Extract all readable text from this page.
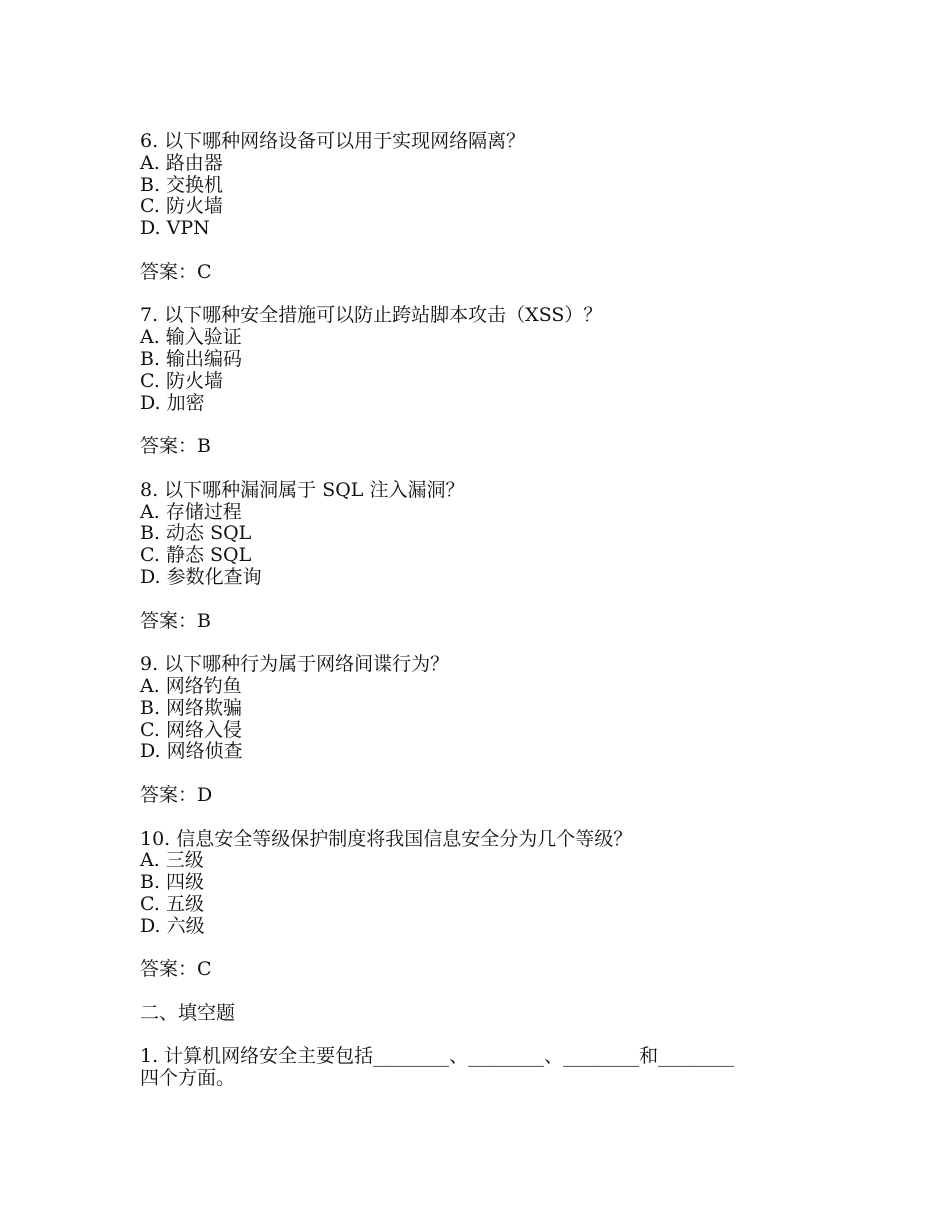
6. 以下哪种网络设备可以用于实现网络隔离？
A. 路由器
B. 交换机
C. 防火墙
D. VPN
答案：C
7. 以下哪种安全措施可以防止跨站脚本攻击（XSS）？
A. 输入验证
B. 输出编码
C. 防火墙
D. 加密
答案：B
8. 以下哪种漏洞属于 SQL 注入漏洞？
A. 存储过程
B. 动态 SQL
C. 静态 SQL
D. 参数化查询
答案：B
9. 以下哪种行为属于网络间谍行为？
A. 网络钓鱼
B. 网络欺骗
C. 网络入侵
D. 网络侦查
答案：D
10. 信息安全等级保护制度将我国信息安全分为几个等级？
A. 三级
B. 四级
C. 五级
D. 六级
答案：C
二、填空题
1. 计算机网络安全主要包括________、________、________和________四个方面。
